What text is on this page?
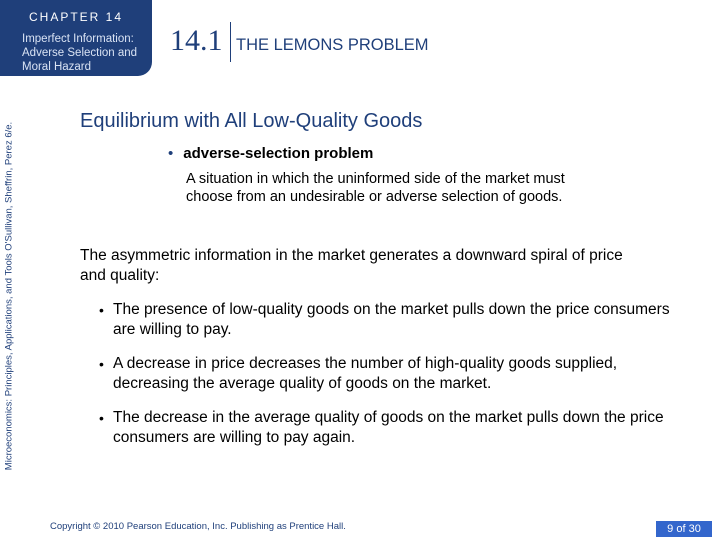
CHAPTER 14
Imperfect Information: Adverse Selection and Moral Hazard
14.1 THE LEMONS PROBLEM
Microeconomics: Principles, Applications, and Tools O'Sullivan, Sheffrin, Perez 6/e.
Equilibrium with All Low-Quality Goods
• adverse-selection problem
A situation in which the uninformed side of the market must choose from an undesirable or adverse selection of goods.
The asymmetric information in the market generates a downward spiral of price and quality:
• The presence of low-quality goods on the market pulls down the price consumers are willing to pay.
• A decrease in price decreases the number of high-quality goods supplied, decreasing the average quality of goods on the market.
• The decrease in the average quality of goods on the market pulls down the price consumers are willing to pay again.
Copyright © 2010 Pearson Education, Inc. Publishing as Prentice Hall.	9 of 30
